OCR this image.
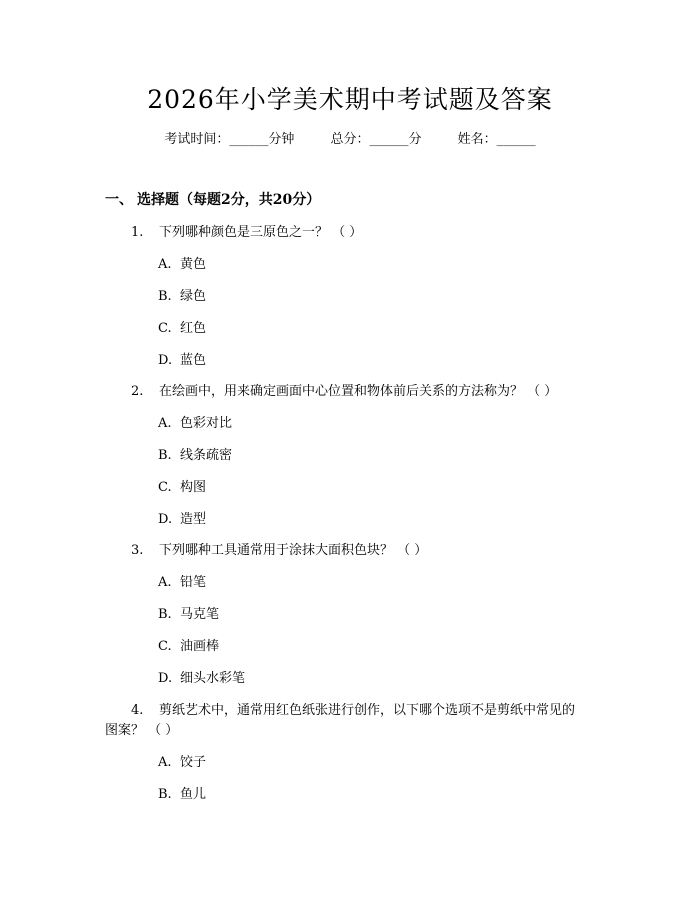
2026年小学美术期中考试题及答案
考试时间：______分钟	总分：______分	姓名：______
一、 选择题（每题2分，共20分）
1. 下列哪种颜色是三原色之一？ （ ）
A. 黄色
B. 绿色
C. 红色
D. 蓝色
2. 在绘画中，用来确定画面中心位置和物体前后关系的方法称为？ （ ）
A. 色彩对比
B. 线条疏密
C. 构图
D. 造型
3. 下列哪种工具通常用于涂抹大面积色块？ （ ）
A. 铅笔
B. 马克笔
C. 油画棒
D. 细头水彩笔
4. 剪纸艺术中，通常用红色纸张进行创作，以下哪个选项不是剪纸中常见的
图案？ （ ）
A. 饺子
B. 鱼儿
